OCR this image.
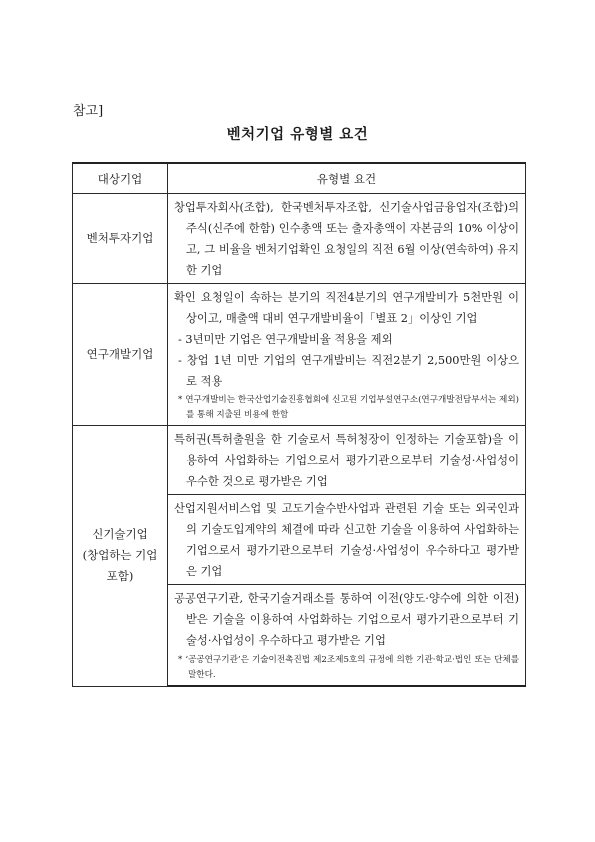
참고]
벤처기업 유형별 요건
대상기업	유형별 요건
벤처투자기업	창업투자회사(조합), 한국벤처투자조합, 신기술사업금융업자(조합)의 주식(신주에 한함) 인수총액 또는 출자총액이 자본금의 10% 이상이고, 그 비율을 벤처기업확인 요청일의 직전 6월 이상(연속하여) 유지한 기업

연구개발기업	확인 요청일이 속하는 분기의 직전4분기의 연구개발비가 5천만원 이상이고, 매출액 대비 연구개발비율이「별표 2」이상인 기업
- 3년미만 기업은 연구개발비율 적용을 제외
- 창업 1년 미만 기업의 연구개발비는 직전2분기 2,500만원 이상으로 적용
* 연구개발비는 한국산업기술진흥협회에 신고된 기업부설연구소(연구개발전담부서는 제외)를 통해 지출된 비용에 한함

신기술기업
(창업하는 기업
포함)	특허권(특허출원을 한 기술로서 특허청장이 인정하는 기술포함)을 이용하여 사업화하는 기업으로서 평가기관으로부터 기술성·사업성이 우수한 것으로 평가받은 기업

	산업지원서비스업 및 고도기술수반사업과 관련된 기술 또는 외국인과의 기술도입계약의 체결에 따라 신고한 기술을 이용하여 사업화하는 기업으로서 평가기관으로부터 기술성·사업성이 우수하다고 평가받은 기업

	공공연구기관, 한국기술거래소를 통하여 이전(양도·양수에 의한 이전)받은 기술을 이용하여 사업화하는 기업으로서 평가기관으로부터 기술성·사업성이 우수하다고 평가받은 기업
* ‘공공연구기관’은 기술이전촉진법 제2조제5호의 규정에 의한 기관·학교·법인 또는 단체를 말한다.
